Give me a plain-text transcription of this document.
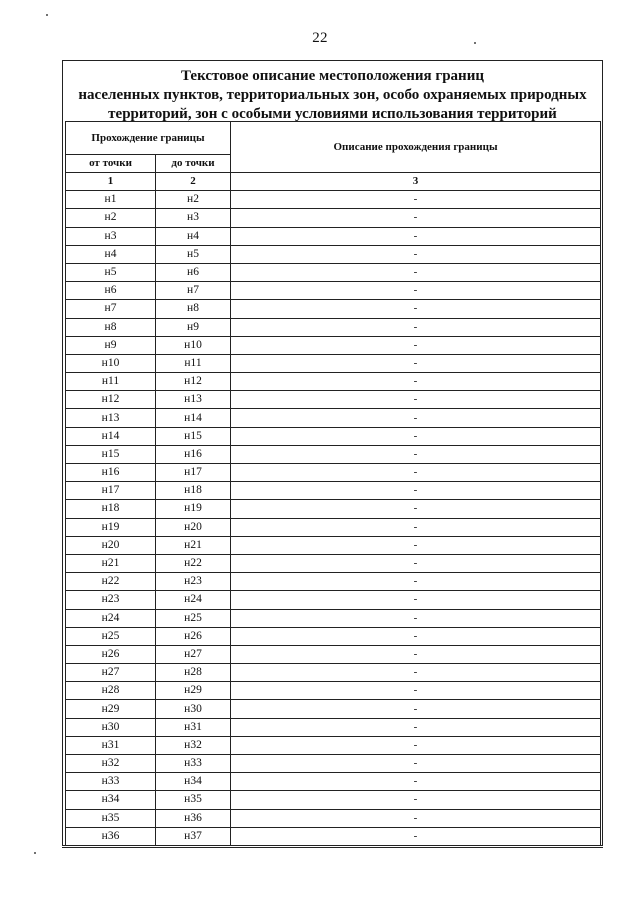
22
Текстовое описание местоположения границ
населенных пунктов, территориальных зон, особо охраняемых природных
территорий, зон с особыми условиями использования территорий
Прохождение границы		Описание прохождения границы
от точки	до точки	
1	2	3
н1	н2	-
н2	н3	-
н3	н4	-
н4	н5	-
н5	н6	-
н6	н7	-
н7	н8	-
н8	н9	-
н9	н10	-
н10	н11	-
н11	н12	-
н12	н13	-
н13	н14	-
н14	н15	-
н15	н16	-
н16	н17	-
н17	н18	-
н18	н19	-
н19	н20	-
н20	н21	-
н21	н22	-
н22	н23	-
н23	н24	-
н24	н25	-
н25	н26	-
н26	н27	-
н27	н28	-
н28	н29	-
н29	н30	-
н30	н31	-
н31	н32	-
н32	н33	-
н33	н34	-
н34	н35	-
н35	н36	-
н36	н37	-
